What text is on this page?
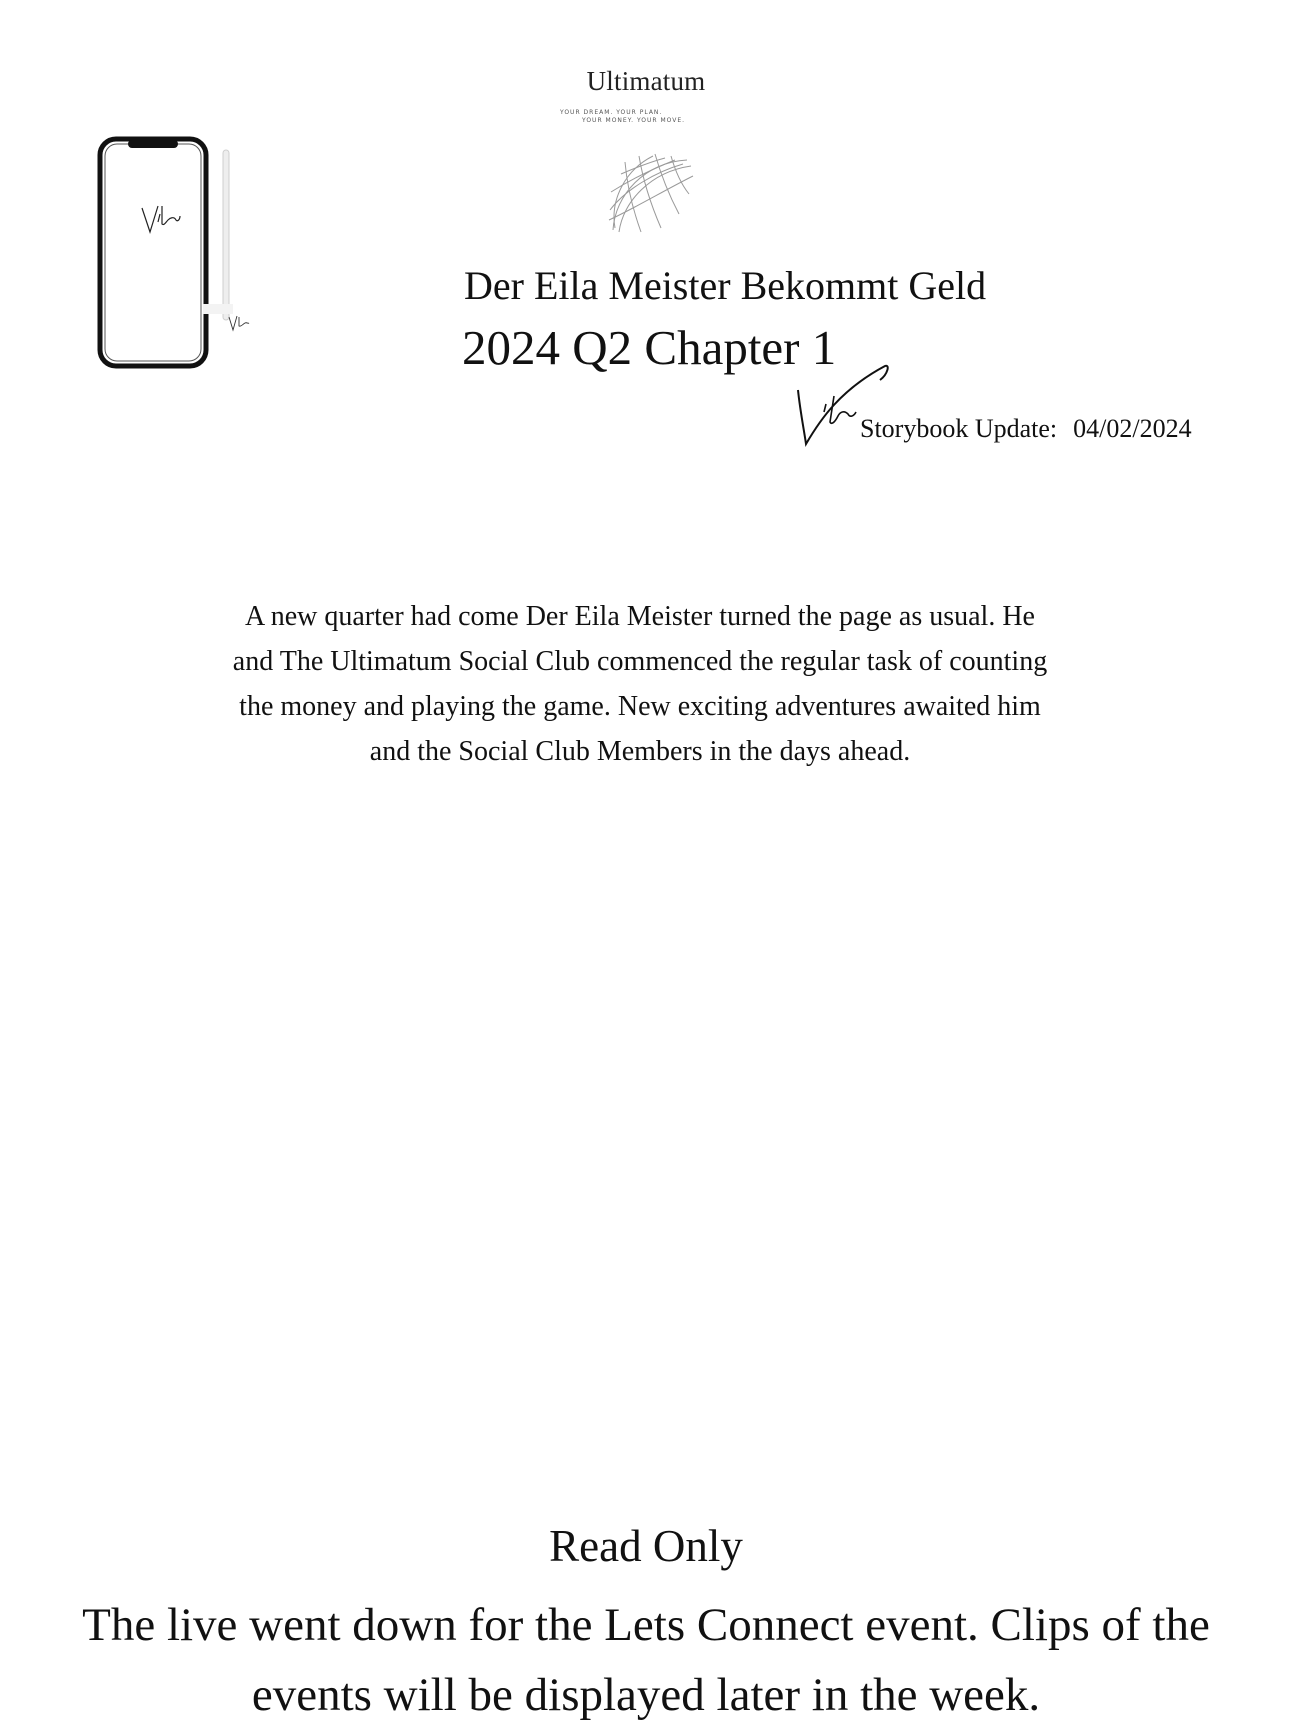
Ultimatum
YOUR DREAM. YOUR PLAN.
YOUR MONEY. YOUR MOVE.
Der Eila Meister Bekommt Geld
2024 Q2 Chapter 1
Storybook Update: 04/02/2024
A new quarter had come Der Eila Meister turned the page as usual. He and The Ultimatum Social Club commenced the regular task of counting the money and playing the game. New exciting adventures awaited him and the Social Club Members in the days ahead.
Read Only
The live went down for the Lets Connect event. Clips of the events will be displayed later in the week.
